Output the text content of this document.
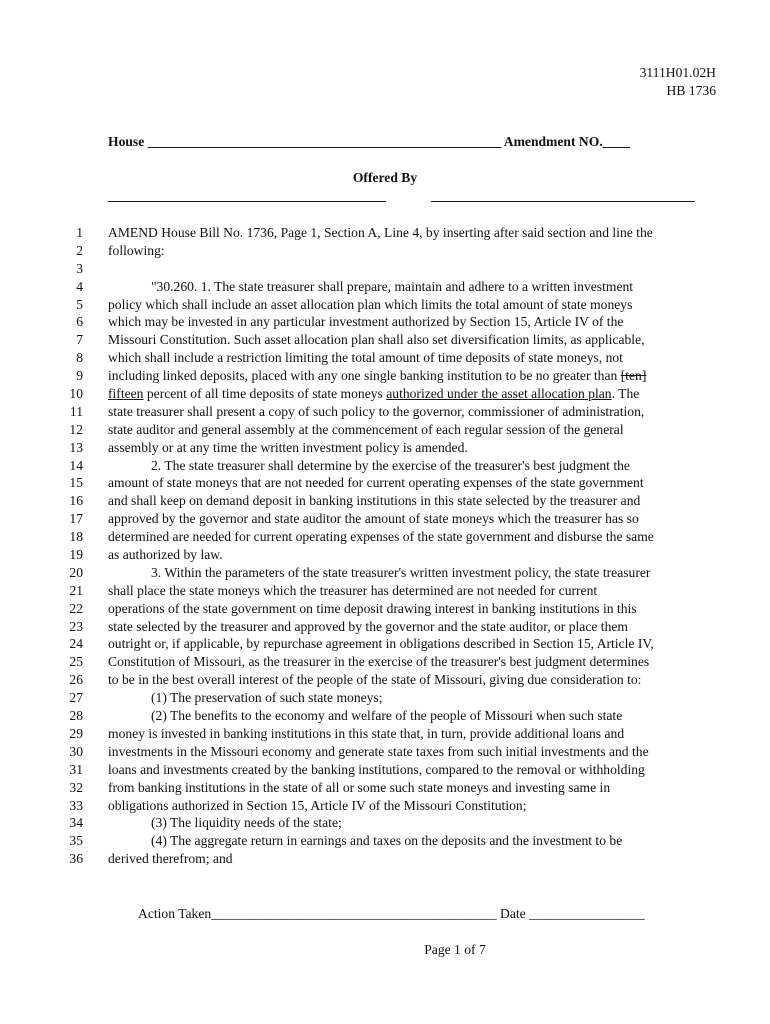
3111H01.02H
HB 1736
House ____________________________________________________ Amendment NO.____
Offered By
1 AMEND House Bill No. 1736, Page 1, Section A, Line 4, by inserting after said section and line the
2 following:
3
4	"30.260. 1. The state treasurer shall prepare, maintain and adhere to a written investment
5 policy which shall include an asset allocation plan which limits the total amount of state moneys
6 which may be invested in any particular investment authorized by Section 15, Article IV of the
7 Missouri Constitution. Such asset allocation plan shall also set diversification limits, as applicable,
8 which shall include a restriction limiting the total amount of time deposits of state moneys, not
9 including linked deposits, placed with any one single banking institution to be no greater than [ten]
10 fifteen percent of all time deposits of state moneys authorized under the asset allocation plan. The
11 state treasurer shall present a copy of such policy to the governor, commissioner of administration,
12 state auditor and general assembly at the commencement of each regular session of the general
13 assembly or at any time the written investment policy is amended.
14	2. The state treasurer shall determine by the exercise of the treasurer's best judgment the
15 amount of state moneys that are not needed for current operating expenses of the state government
16 and shall keep on demand deposit in banking institutions in this state selected by the treasurer and
17 approved by the governor and state auditor the amount of state moneys which the treasurer has so
18 determined are needed for current operating expenses of the state government and disburse the same
19 as authorized by law.
20	3. Within the parameters of the state treasurer's written investment policy, the state treasurer
21 shall place the state moneys which the treasurer has determined are not needed for current
22 operations of the state government on time deposit drawing interest in banking institutions in this
23 state selected by the treasurer and approved by the governor and the state auditor, or place them
24 outright or, if applicable, by repurchase agreement in obligations described in Section 15, Article IV,
25 Constitution of Missouri, as the treasurer in the exercise of the treasurer's best judgment determines
26 to be in the best overall interest of the people of the state of Missouri, giving due consideration to:
27	(1) The preservation of such state moneys;
28	(2) The benefits to the economy and welfare of the people of Missouri when such state
29 money is invested in banking institutions in this state that, in turn, provide additional loans and
30 investments in the Missouri economy and generate state taxes from such initial investments and the
31 loans and investments created by the banking institutions, compared to the removal or withholding
32 from banking institutions in the state of all or some such state moneys and investing same in
33 obligations authorized in Section 15, Article IV of the Missouri Constitution;
34	(3) The liquidity needs of the state;
35	(4) The aggregate return in earnings and taxes on the deposits and the investment to be
36 derived therefrom; and
Action Taken__________________________________________ Date _________________
Page 1 of 7
